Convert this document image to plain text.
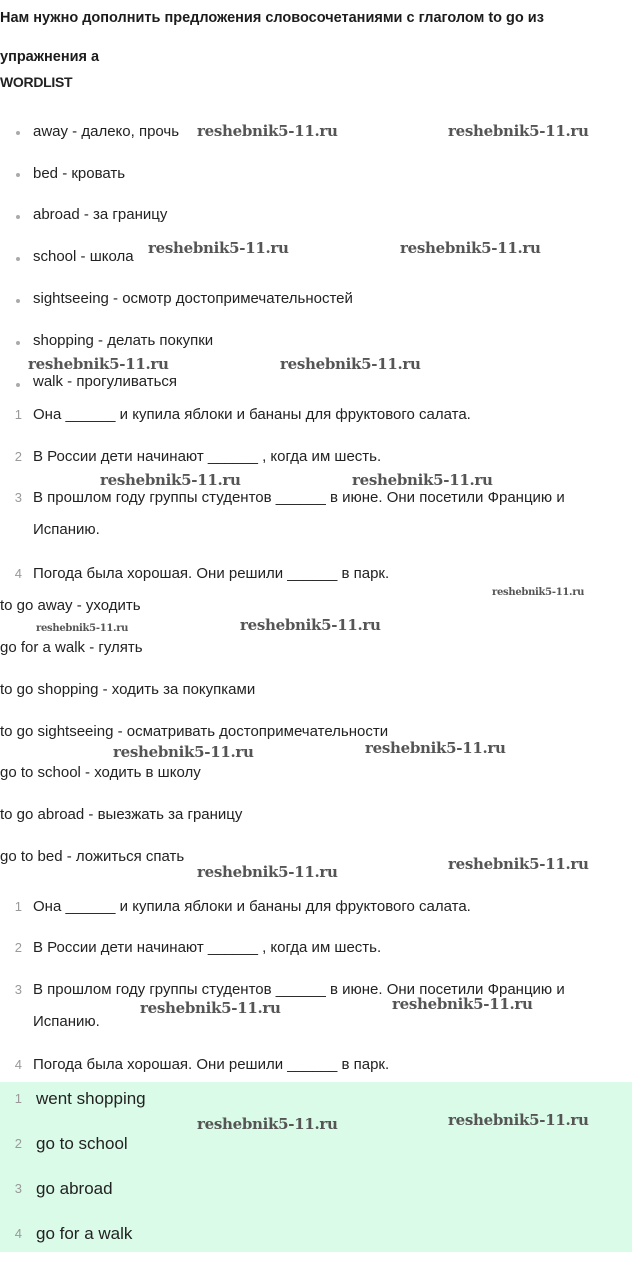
Нам нужно дополнить предложения словосочетаниями с глаголом to go из
упражнения a
WORDLIST
away - далеко, прочь
bed - кровать
abroad - за границу
school - школа
sightseeing - осмотр достопримечательностей
shopping - делать покупки
walk - прогуливаться
1 Она ______ и купила яблоки и бананы для фруктового салата.
2 В России дети начинают ______ , когда им шесть.
3 В прошлом году группы студентов ______ в июне. Они посетили Францию и
Испанию.
4 Погода была хорошая. Они решили ______ в парк.
to go away - уходить
go for a walk - гулять
to go shopping - ходить за покупками
to go sightseeing - осматривать достопримечательности
go to school - ходить в школу
to go abroad - выезжать за границу
go to bed - ложиться спать
1 Она ______ и купила яблоки и бананы для фруктового салата.
2 В России дети начинают ______ , когда им шесть.
3 В прошлом году группы студентов ______ в июне. Они посетили Францию и
Испанию.
4 Погода была хорошая. Они решили ______ в парк.
1 went shopping
2 go to school
3 go abroad
4 go for a walk
reshebnik5-11.ru	reshebnik5-11.ru
reshebnik5-11.ru	reshebnik5-11.ru
reshebnik5-11.ru	reshebnik5-11.ru
reshebnik5-11.ru	reshebnik5-11.ru
reshebnik5-11.ru
reshebnik5-11.ru	reshebnik5-11.ru
reshebnik5-11.ru	reshebnik5-11.ru
reshebnik5-11.ru	reshebnik5-11.ru
reshebnik5-11.ru	reshebnik5-11.ru
reshebnik5-11.ru	reshebnik5-11.ru
